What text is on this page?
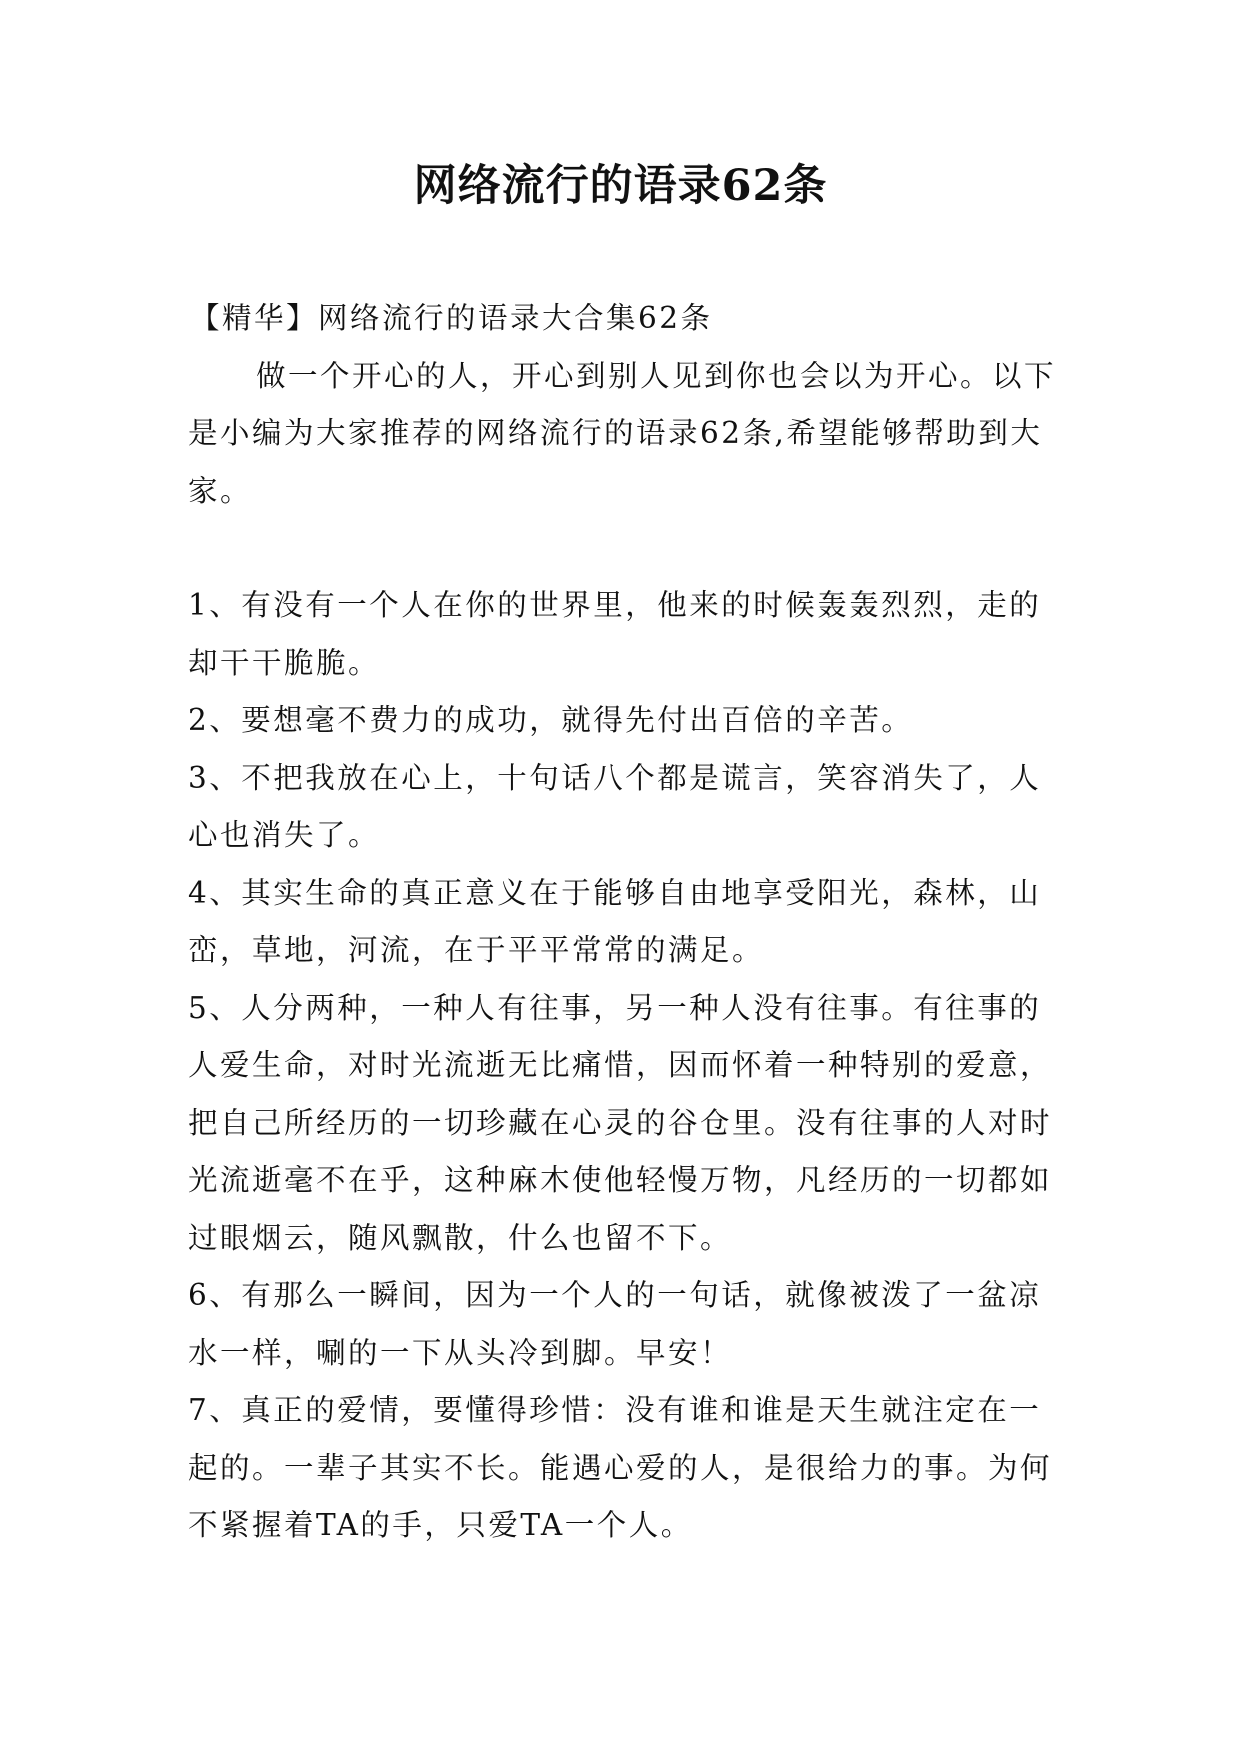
网络流行的语录62条

【精华】网络流行的语录大合集62条

做一个开心的人，开心到别人见到你也会以为开心。以下是小编为大家推荐的网络流行的语录62条,希望能够帮助到大家。

1、有没有一个人在你的世界里，他来的时候轰轰烈烈，走的却干干脆脆。

2、要想毫不费力的成功，就得先付出百倍的辛苦。

3、不把我放在心上，十句话八个都是谎言，笑容消失了，人心也消失了。

4、其实生命的真正意义在于能够自由地享受阳光，森林，山峦，草地，河流，在于平平常常的满足。

5、人分两种，一种人有往事，另一种人没有往事。有往事的人爱生命，对时光流逝无比痛惜，因而怀着一种特别的爱意，把自己所经历的一切珍藏在心灵的谷仓里。没有往事的人对时光流逝毫不在乎，这种麻木使他轻慢万物，凡经历的一切都如过眼烟云，随风飘散，什么也留不下。

6、有那么一瞬间，因为一个人的一句话，就像被泼了一盆凉水一样，唰的一下从头冷到脚。早安！

7、真正的爱情，要懂得珍惜：没有谁和谁是天生就注定在一起的。一辈子其实不长。能遇心爱的人，是很给力的事。为何不紧握着TA的手，只爱TA一个人。
